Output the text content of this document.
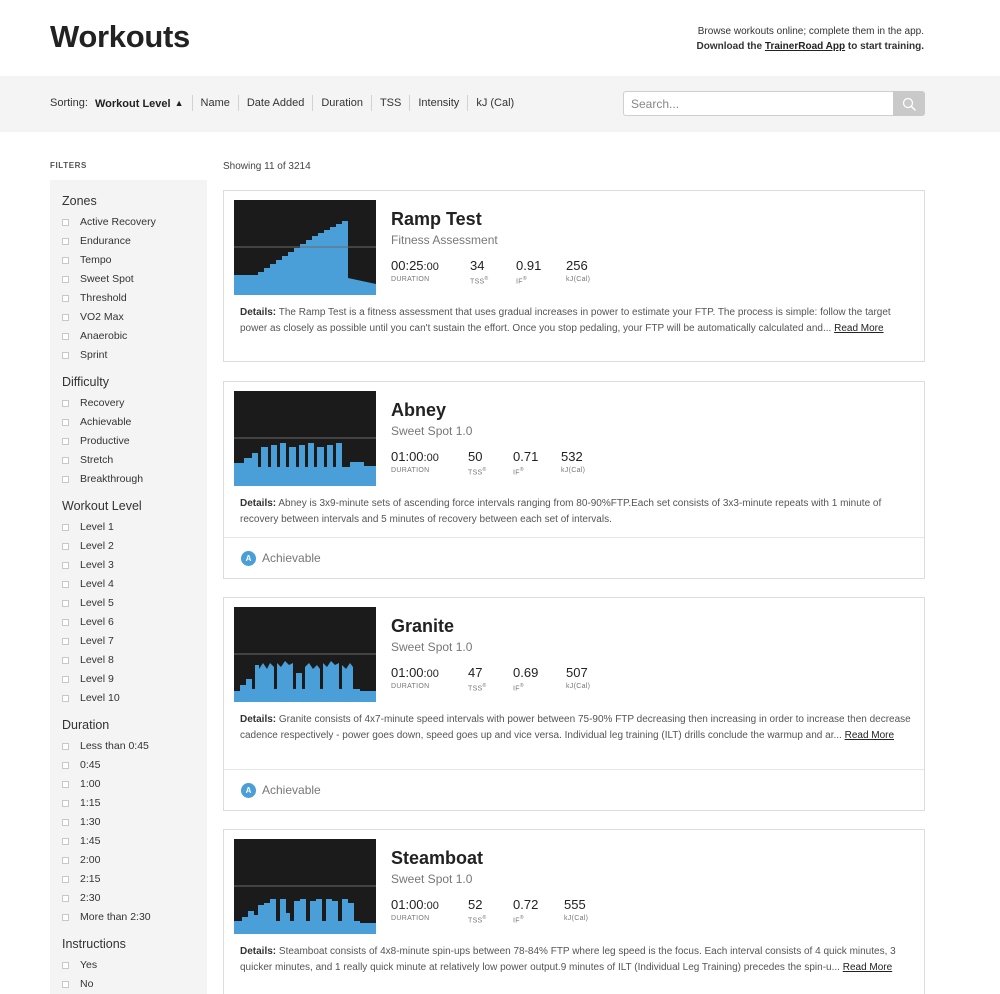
Workouts	Browse workouts online; complete them in the app.
Download the TrainerRoad App to start training.
Sorting: Workout Level ▲	Name	Date Added	Duration	TSS	Intensity	kJ (Cal)
Search...
FILTERS
Zones
Active Recovery
Endurance
Tempo
Sweet Spot
Threshold
VO2 Max
Anaerobic
Sprint
Difficulty
Recovery
Achievable
Productive
Stretch
Breakthrough
Workout Level
Level 1
Level 2
Level 3
Level 4
Level 5
Level 6
Level 7
Level 8
Level 9
Level 10
Duration
Less than 0:45
0:45
1:00
1:15
1:30
1:45
2:00
2:15
2:30
More than 2:30
Instructions
Yes
No
Showing 11 of 3214
Ramp Test
Fitness Assessment
00:25:00
DURATION
34
TSS®
0.91
IF®
256
kJ(Cal)
Details: The Ramp Test is a fitness assessment that uses gradual increases in power to estimate your FTP. The process is simple: follow the target power as closely as possible until you can't sustain the effort. Once you stop pedaling, your FTP will be automatically calculated and... Read More
Abney
Sweet Spot 1.0
01:00:00
DURATION
50
TSS®
0.71
IF®
532
kJ(Cal)
Details: Abney is 3x9-minute sets of ascending force intervals ranging from 80-90%FTP.Each set consists of 3x3-minute repeats with 1 minute of recovery between intervals and 5 minutes of recovery between each set of intervals.
A Achievable
Granite
Sweet Spot 1.0
01:00:00
DURATION
47
TSS®
0.69
IF®
507
kJ(Cal)
Details: Granite consists of 4x7-minute speed intervals with power between 75-90% FTP decreasing then increasing in order to increase then decrease cadence respectively - power goes down, speed goes up and vice versa. Individual leg training (ILT) drills conclude the warmup and ar... Read More
A Achievable
Steamboat
Sweet Spot 1.0
01:00:00
DURATION
52
TSS®
0.72
IF®
555
kJ(Cal)
Details: Steamboat consists of 4x8-minute spin-ups between 78-84% FTP where leg speed is the focus. Each interval consists of 4 quick minutes, 3 quicker minutes, and 1 really quick minute at relatively low power output.9 minutes of ILT (Individual Leg Training) precedes the spin-u... Read More
